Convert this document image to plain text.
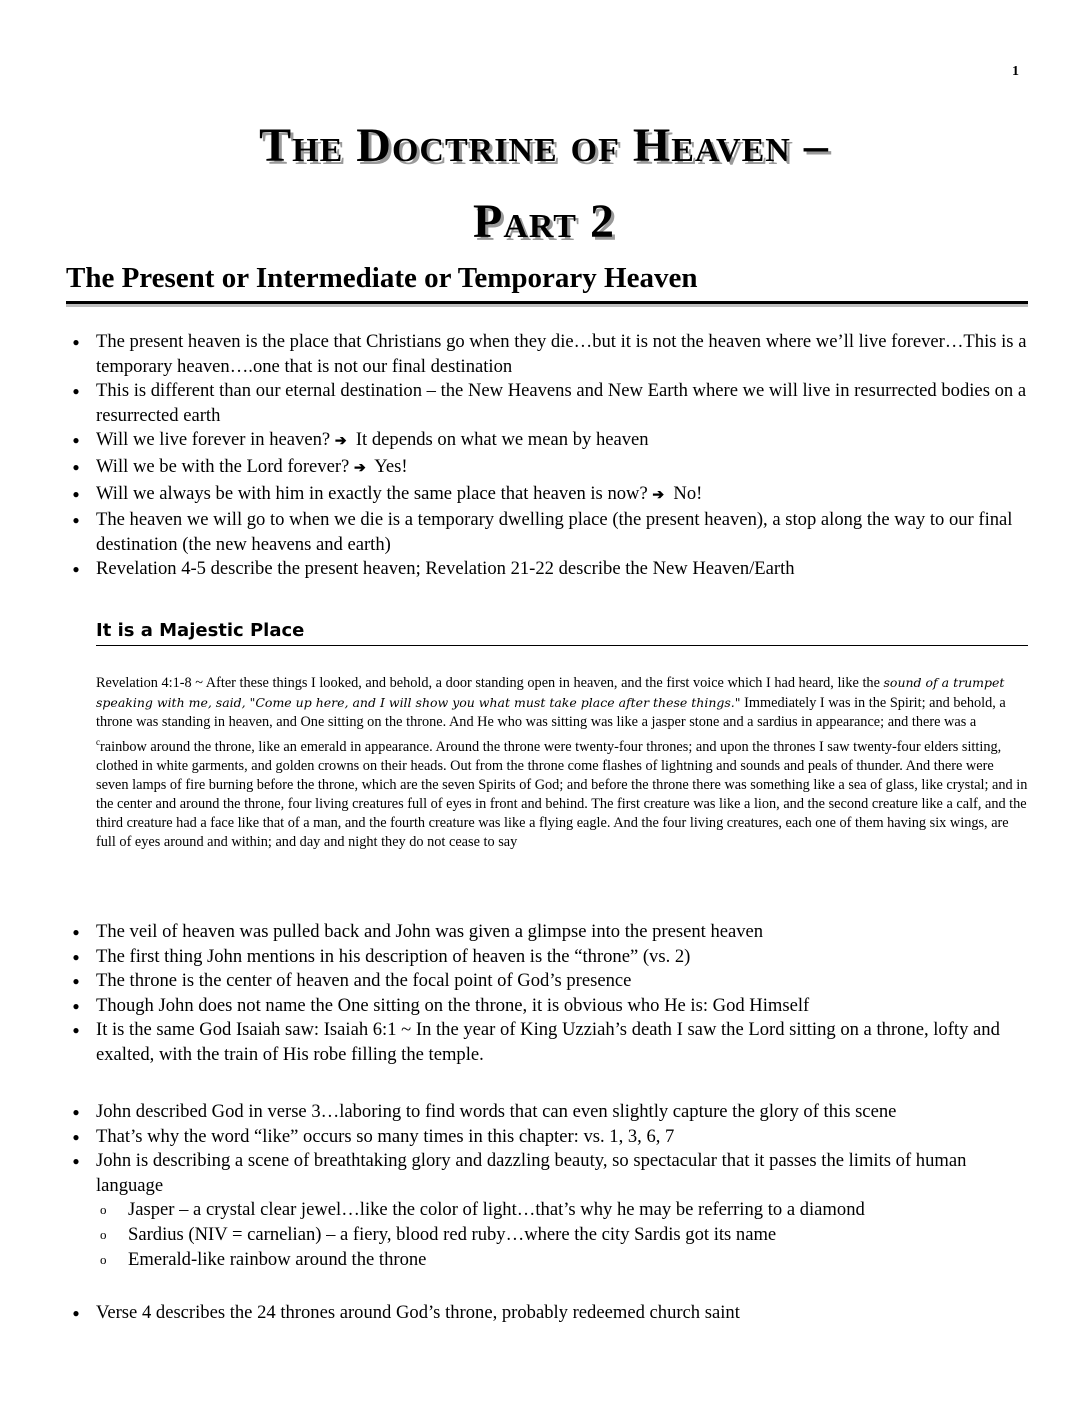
1
The Doctrine of Heaven –
Part 2
The Present or Intermediate or Temporary Heaven
● The present heaven is the place that Christians go when they die…but it is not the heaven where we’ll live forever…This is a temporary heaven….one that is not our final destination
● This is different than our eternal destination – the New Heavens and New Earth where we will live in resurrected bodies on a resurrected earth
● Will we live forever in heaven? ➔ It depends on what we mean by heaven
● Will we be with the Lord forever? ➔ Yes!
● Will we always be with him in exactly the same place that heaven is now? ➔ No!
● The heaven we will go to when we die is a temporary dwelling place (the present heaven), a stop along the way to our final destination (the new heavens and earth)
● Revelation 4-5 describe the present heaven; Revelation 21-22 describe the New Heaven/Earth
It is a Majestic Place

Revelation 4:1-8 ~ After these things I looked, and behold, a door standing open in heaven, and the first voice which I had heard, like the sound of a trumpet speaking with me, said, "Come up here, and I will show you what must take place after these things." Immediately I was in the Spirit; and behold, a throne was standing in heaven, and One sitting on the throne. And He who was sitting was like a jasper stone and a sardius in appearance; and there was a $^c$rainbow around the throne, like an emerald in appearance. Around the throne were twenty-four thrones; and upon the thrones I saw twenty-four elders sitting, clothed in white garments, and golden crowns on their heads. Out from the throne come flashes of lightning and sounds and peals of thunder. And there were seven lamps of fire burning before the throne, which are the seven Spirits of God; and before the throne there was something like a sea of glass, like crystal; and in the center and around the throne, four living creatures full of eyes in front and behind. The first creature was like a lion, and the second creature like a calf, and the third creature had a face like that of a man, and the fourth creature was like a flying eagle. And the four living creatures, each one of them having six wings, are full of eyes around and within; and day and night they do not cease to say

● The veil of heaven was pulled back and John was given a glimpse into the present heaven
● The first thing John mentions in his description of heaven is the “throne” (vs. 2)
● The throne is the center of heaven and the focal point of God’s presence
● Though John does not name the One sitting on the throne, it is obvious who He is: God Himself
● It is the same God Isaiah saw: Isaiah 6:1 ~ In the year of King Uzziah’s death I saw the Lord sitting on a throne, lofty and exalted, with the train of His robe filling the temple.
● John described God in verse 3…laboring to find words that can even slightly capture the glory of this scene
● That’s why the word “like” occurs so many times in this chapter: vs. 1, 3, 6, 7
● John is describing a scene of breathtaking glory and dazzling beauty, so spectacular that it passes the limits of human language
o Jasper – a crystal clear jewel…like the color of light…that’s why he may be referring to a diamond
o Sardius (NIV = carnelian) – a fiery, blood red ruby…where the city Sardis got its name
o Emerald-like rainbow around the throne
● Verse 4 describes the 24 thrones around God’s throne, probably redeemed church saint
